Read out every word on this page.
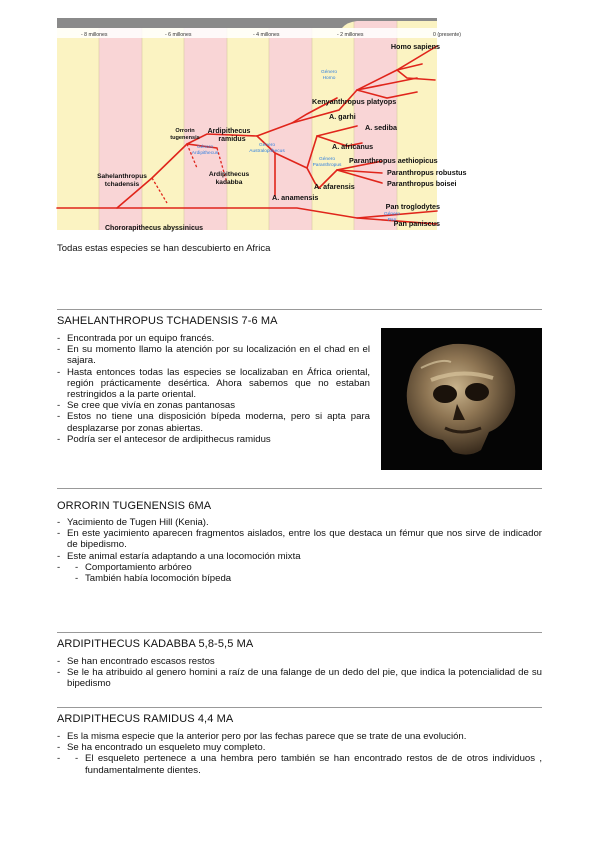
- 8 millones	- 6 millones	- 4 millones	- 2 millones	0 (presente)
Homo sapiens
Kenyanthropus platyops
A. garhi
A. sediba
A. africanus
Paranthropus aethiopicus
Paranthropus robustus
Paranthropus boisei
A. afarensis
A. anamensis
Pan troglodytes
Pan paniscus
Orrorin
tugenensis
Ardipithecus
ramidus
Ardipithecus
kadabba
Sahelanthropus
tchadensis
Chororapithecus abyssinicus
Género
Homo
Género
Ardipithecus
Género
Australopithecus
Género
Paranthropus
Género
Pan
Todas estas especies se han descubierto en Africa
SAHELANTHROPUS TCHADENSIS 7-6 MA
- Encontrada por un equipo francés.
- En su momento llamo la atención por su localización en el chad en el sajara.
- Hasta entonces todas las especies se localizaban en África oriental, región prácticamente desértica. Ahora sabemos que no estaban restringidos a la parte oriental.
- Se cree que vivía en zonas pantanosas
- Estos no tiene una disposición bípeda moderna, pero si apta para desplazarse por zonas abiertas.
- Podría ser el antecesor de ardipithecus ramidus
ORRORIN TUGENENSIS 6MA
- Yacimiento de Tugen Hill (Kenia).
- En este yacimiento aparecen fragmentos aislados, entre los que destaca un fémur que nos sirve de indicador de bipedismo.
- Este animal estaría adaptando a una locomoción mixta
- - Comportamiento arbóreo
- También había locomoción bípeda
ARDIPITHECUS KADABBA 5,8-5,5 MA
- Se han encontrado escasos restos
- Se le ha atribuido al genero homini a raíz de una falange de un dedo del pie, que indica la potencialidad de su bipedismo
ARDIPITHECUS RAMIDUS 4,4 MA
- Es la misma especie que la anterior pero por las fechas parece que se trate de una evolución.
- Se ha encontrado un esqueleto muy completo.
- - El esqueleto pertenece a una hembra pero también se han encontrado restos de de otros individuos , fundamentalmente dientes.
